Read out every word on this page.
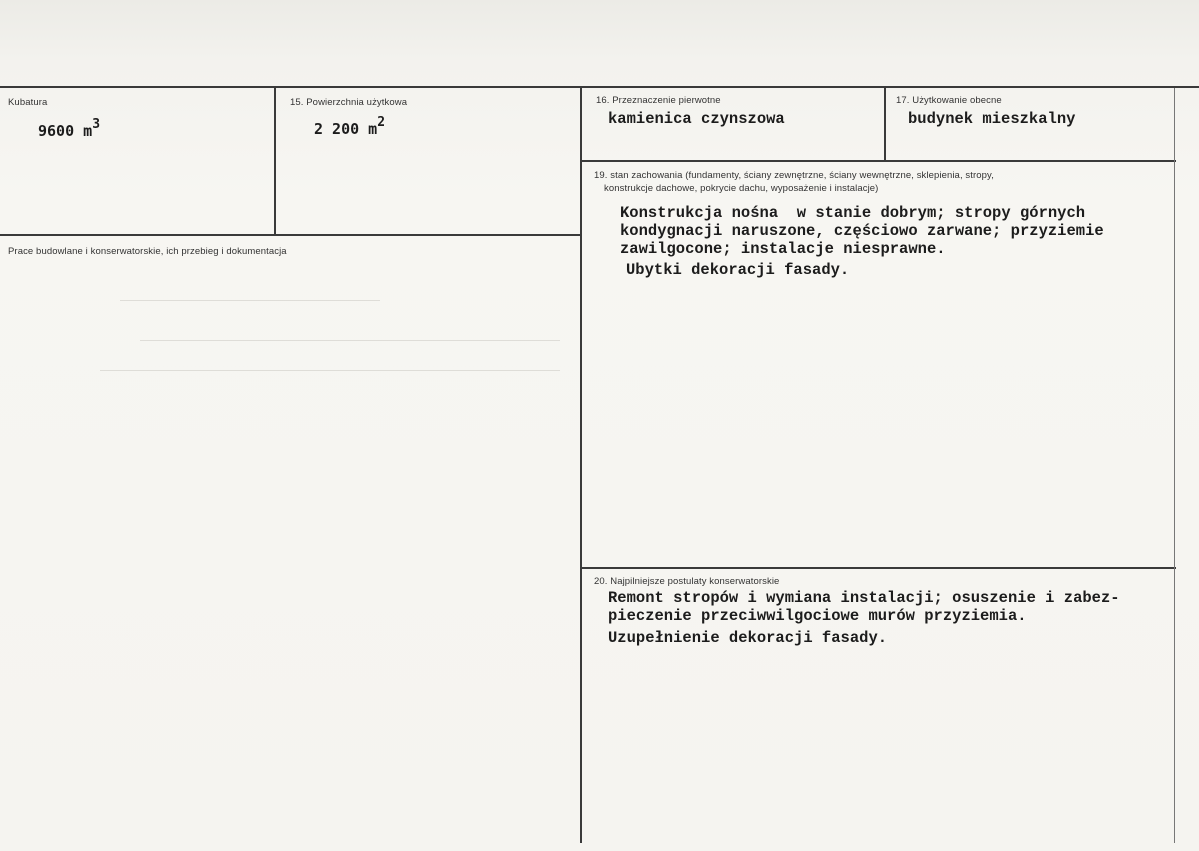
Kubatura
9600 m3
15. Powierzchnia użytkowa
2 200 m2
16. Przeznaczenie pierwotne
kamienica czynszowa
17. Użytkowanie obecne
budynek mieszkalny
Prace budowlane i konserwatorskie, ich przebieg i dokumentacja
19. stan zachowania (fundamenty, ściany zewnętrzne, ściany wewnętrzne, sklepienia, stropy,
konstrukcje dachowe, pokrycie dachu, wyposażenie i instalacje)
Konstrukcja nośna  w stanie dobrym; stropy górnych
kondygnacji naruszone, częściowo zarwane; przyziemie
zawilgocone; instalacje niesprawne.
Ubytki dekoracji fasady.
20. Najpilniejsze postulaty konserwatorskie
Remont stropów i wymiana instalacji; osuszenie i zabez-
pieczenie przeciwwilgociowe murów przyziemia.
Uzupełnienie dekoracji fasady.
